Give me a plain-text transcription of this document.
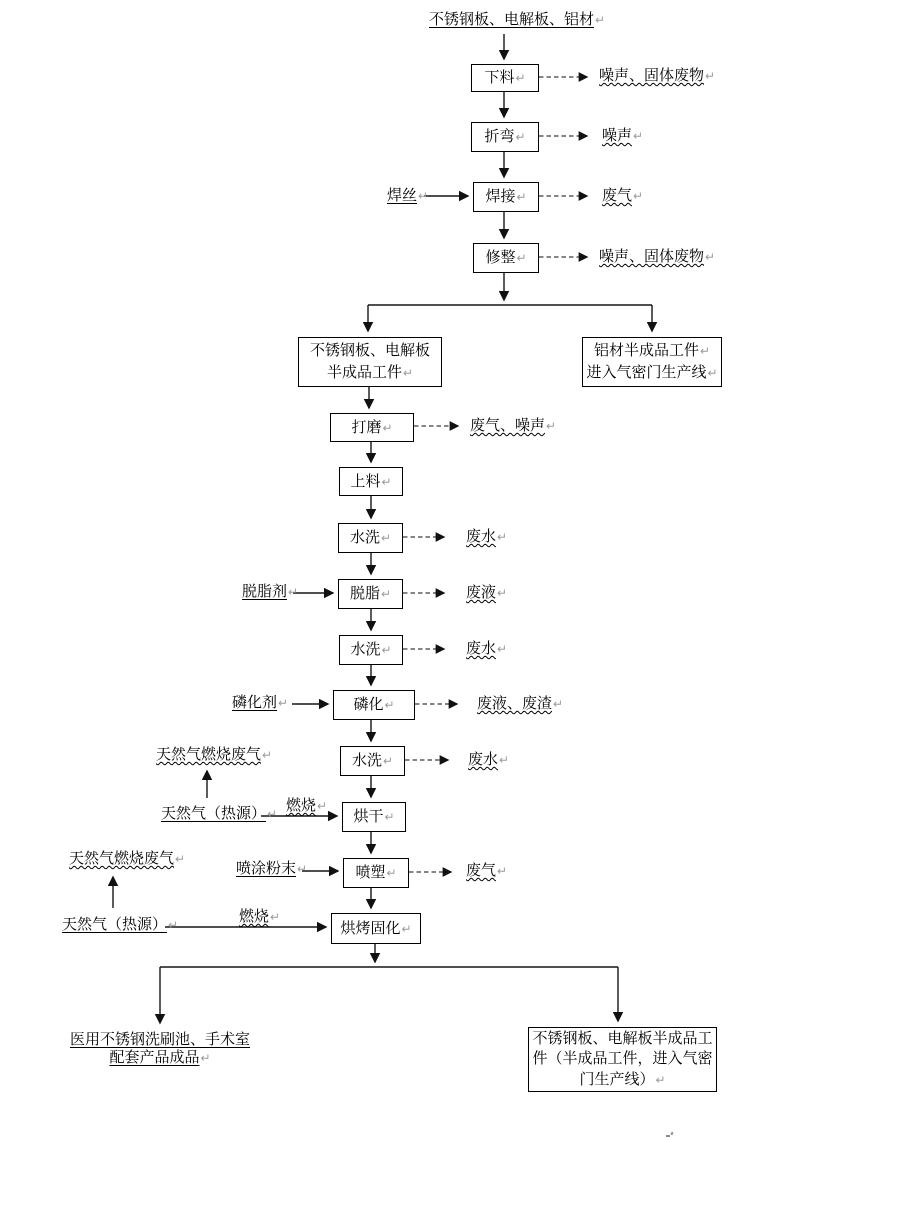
不锈钢板、电解板、铝材↵
下料↵
折弯↵
焊接↵
修整↵
不锈钢板、电解板
半成品工件↵
铝材半成品工件↵
进入气密门生产线↵
打磨↵
上料↵
水洗↵
脱脂↵
水洗↵
磷化↵
水洗↵
烘干↵
喷塑↵
烘烤固化↵
医用不锈钢洗刷池、手术室
配套产品成品↵
不锈钢板、电解板半成品工
件（半成品工件，进入气密
门生产线）↵
焊丝↵
脱脂剂↵
磷化剂↵
天然气（热源）↵ 燃烧↵
喷涂粉末↵
天然气（热源）↵	燃烧↵
噪声、固体废物↵
噪声↵
废气↵
噪声、固体废物↵
废气、噪声↵
废水↵
废液↵
废水↵
废液、废渣↵
废水↵
废气↵
天然气燃烧废气↵
天然气燃烧废气↵
